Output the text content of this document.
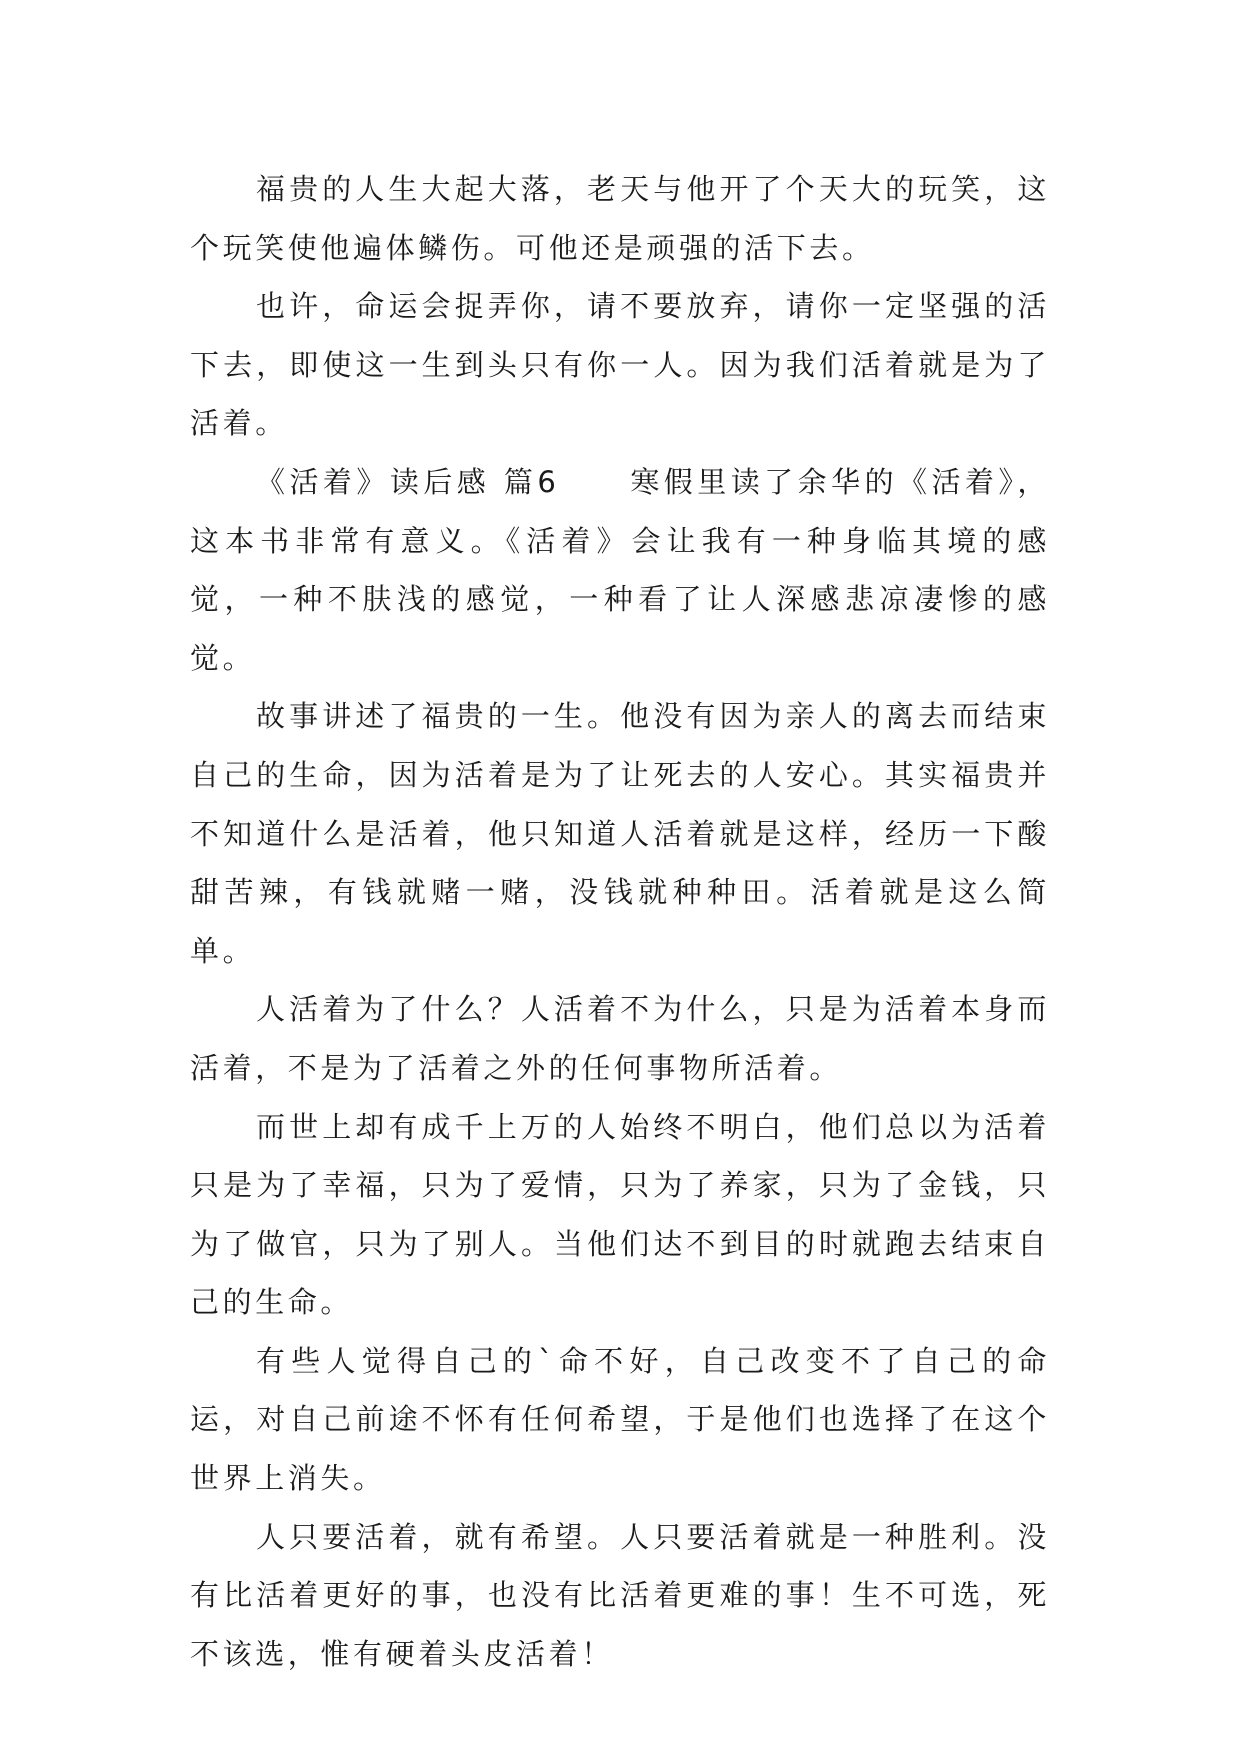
福贵的人生大起大落，老天与他开了个天大的玩笑，这个玩笑使他遍体鳞伤。可他还是顽强的活下去。

也许，命运会捉弄你，请不要放弃，请你一定坚强的活下去，即使这一生到头只有你一人。因为我们活着就是为了活着。

《活着》读后感 篇6 寒假里读了余华的《活着》，这本书非常有意义。《活着》会让我有一种身临其境的感觉，一种不肤浅的感觉，一种看了让人深感悲凉凄惨的感觉。

故事讲述了福贵的一生。他没有因为亲人的离去而结束自己的生命，因为活着是为了让死去的人安心。其实福贵并不知道什么是活着，他只知道人活着就是这样，经历一下酸甜苦辣，有钱就赌一赌，没钱就种种田。活着就是这么简单。

人活着为了什么？人活着不为什么，只是为活着本身而活着，不是为了活着之外的任何事物所活着。

而世上却有成千上万的人始终不明白，他们总以为活着只是为了幸福，只为了爱情，只为了养家，只为了金钱，只为了做官，只为了别人。当他们达不到目的时就跑去结束自己的生命。

有些人觉得自己的`命不好，自己改变不了自己的命运，对自己前途不怀有任何希望，于是他们也选择了在这个世界上消失。

人只要活着，就有希望。人只要活着就是一种胜利。没有比活着更好的事，也没有比活着更难的事！生不可选，死不该选，惟有硬着头皮活着！
